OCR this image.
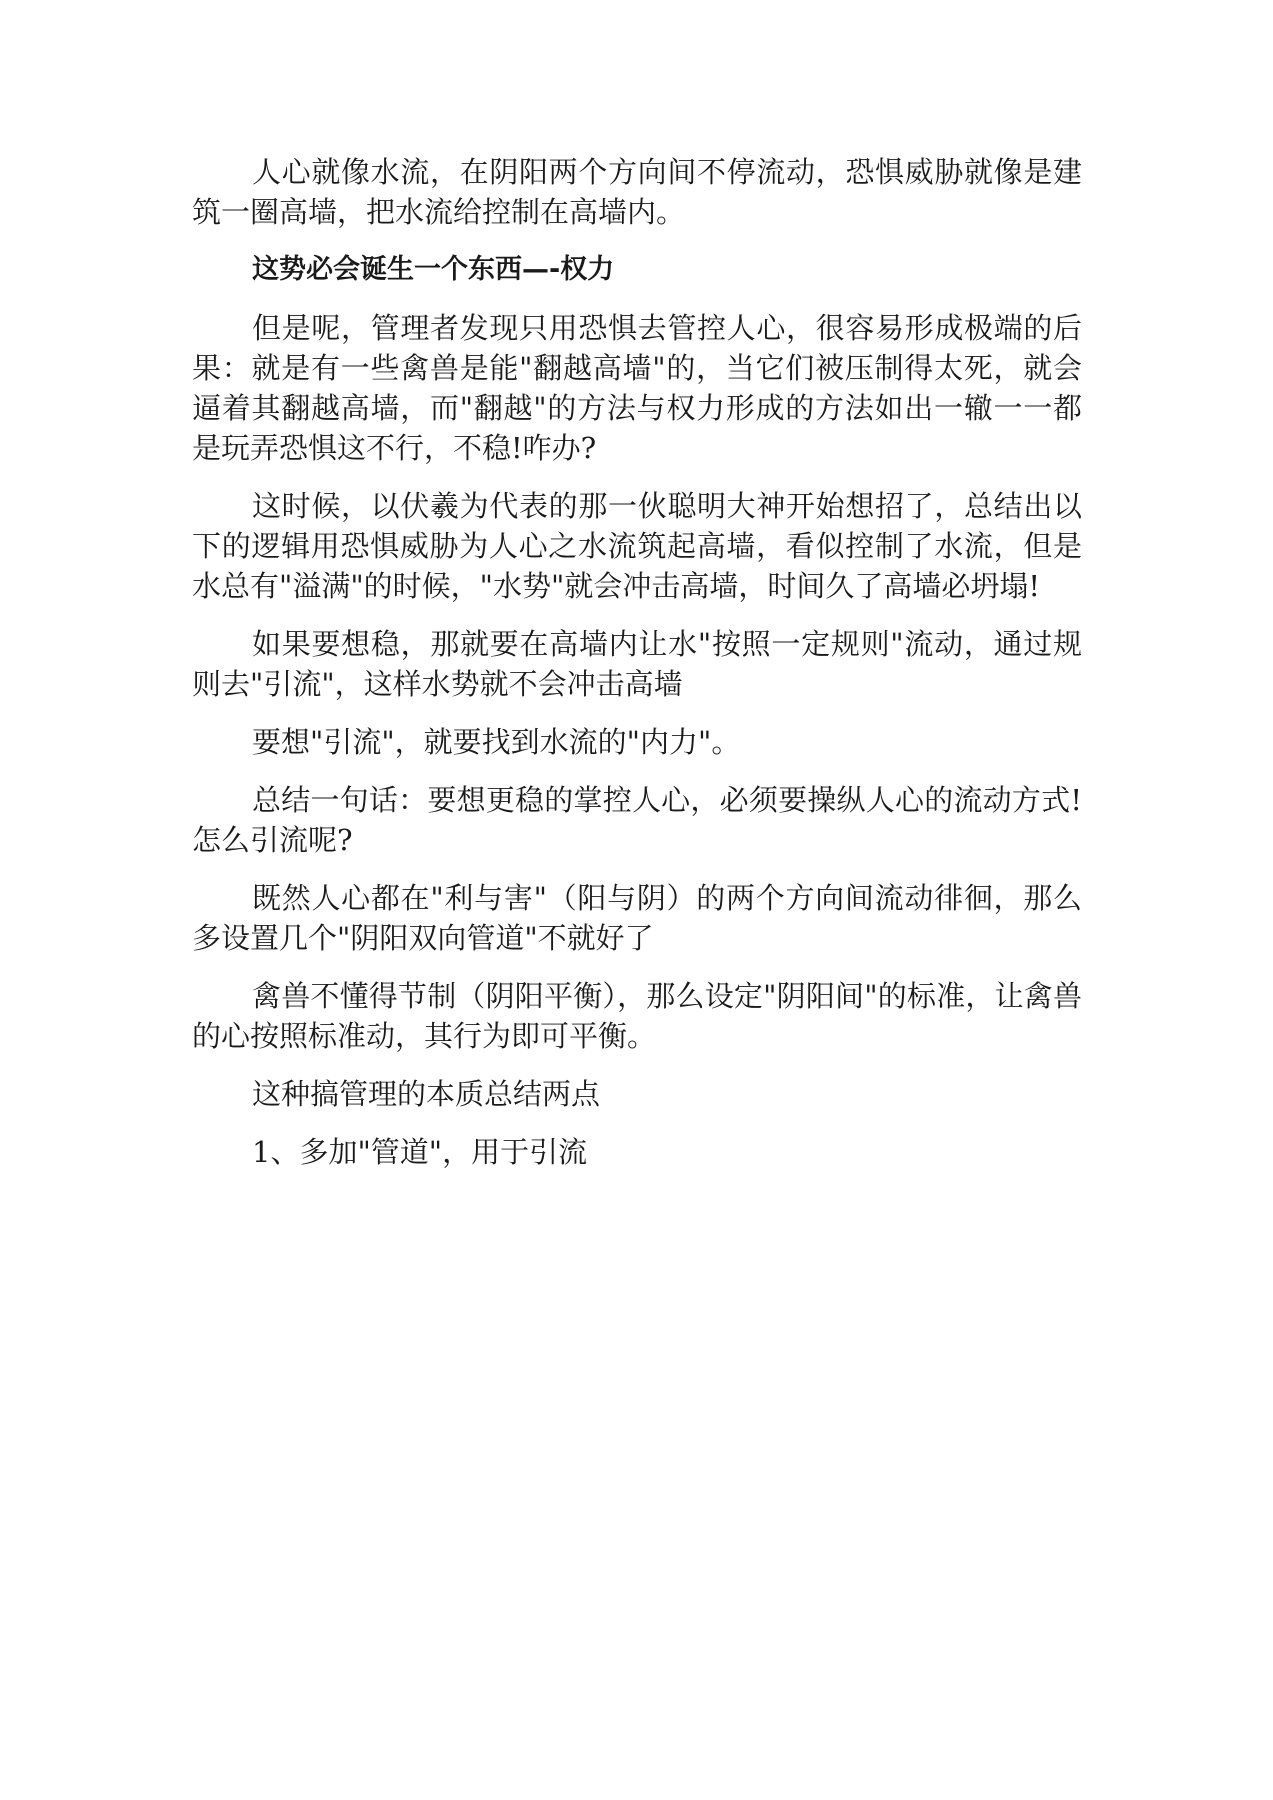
人心就像水流，在阴阳两个方向间不停流动，恐惧威胁就像是建筑一圈高墙，把水流给控制在高墙内。

这势必会诞生一个东西—-权力

但是呢，管理者发现只用恐惧去管控人心，很容易形成极端的后果：就是有一些禽兽是能"翻越高墙"的，当它们被压制得太死，就会逼着其翻越高墙，而"翻越"的方法与权力形成的方法如出一辙一一都是玩弄恐惧这不行，不稳!咋办?

这时候，以伏羲为代表的那一伙聪明大神开始想招了，总结出以下的逻辑用恐惧威胁为人心之水流筑起高墙，看似控制了水流，但是水总有"溢满"的时候，"水势"就会冲击高墙，时间久了高墙必坍塌!

如果要想稳，那就要在高墙内让水"按照一定规则"流动，通过规则去"引流"，这样水势就不会冲击高墙

要想"引流"，就要找到水流的"内力"。

总结一句话：要想更稳的掌控人心，必须要操纵人心的流动方式!怎么引流呢?

既然人心都在"利与害"（阳与阴）的两个方向间流动徘徊，那么多设置几个"阴阳双向管道"不就好了

禽兽不懂得节制（阴阳平衡），那么设定"阴阳间"的标准，让禽兽的心按照标准动，其行为即可平衡。

这种搞管理的本质总结两点

1、多加"管道"，用于引流
